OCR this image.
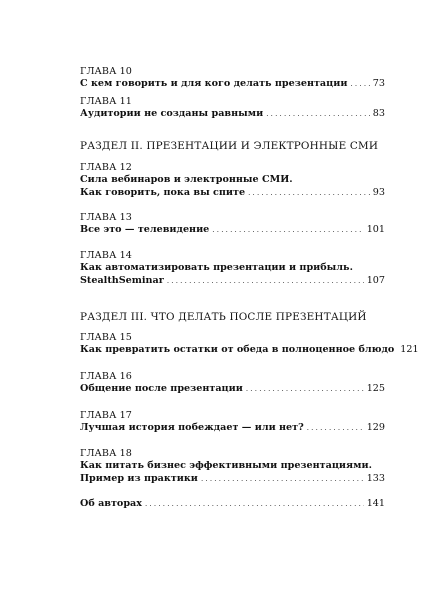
ГЛАВА 10

С кем говорить и для кого делать презентации . . .	73

ГЛАВА 11

Аудитории не созданы равными . . .	83

РАЗДЕЛ II. ПРЕЗЕНТАЦИИ И ЭЛЕКТРОННЫЕ СМИ

ГЛАВА 12

Сила вебинаров и электронные СМИ.
Как говорить, пока вы спите . . .	93

ГЛАВА 13

Все это — телевидение . . .	101

ГЛАВА 14

Как автоматизировать презентации и прибыль.
StealthSeminar . . .	107

РАЗДЕЛ III. ЧТО ДЕЛАТЬ ПОСЛЕ ПРЕЗЕНТАЦИЙ

ГЛАВА 15

Как превратить остатки от обеда в полноценное блюдо 121

ГЛАВА 16

Общение после презентации . . .	125

ГЛАВА 17

Лучшая история побеждает — или нет? . . .	129

ГЛАВА 18

Как питать бизнес эффективными презентациями.
Пример из практики . . .	133
Об авторах . . .	141
